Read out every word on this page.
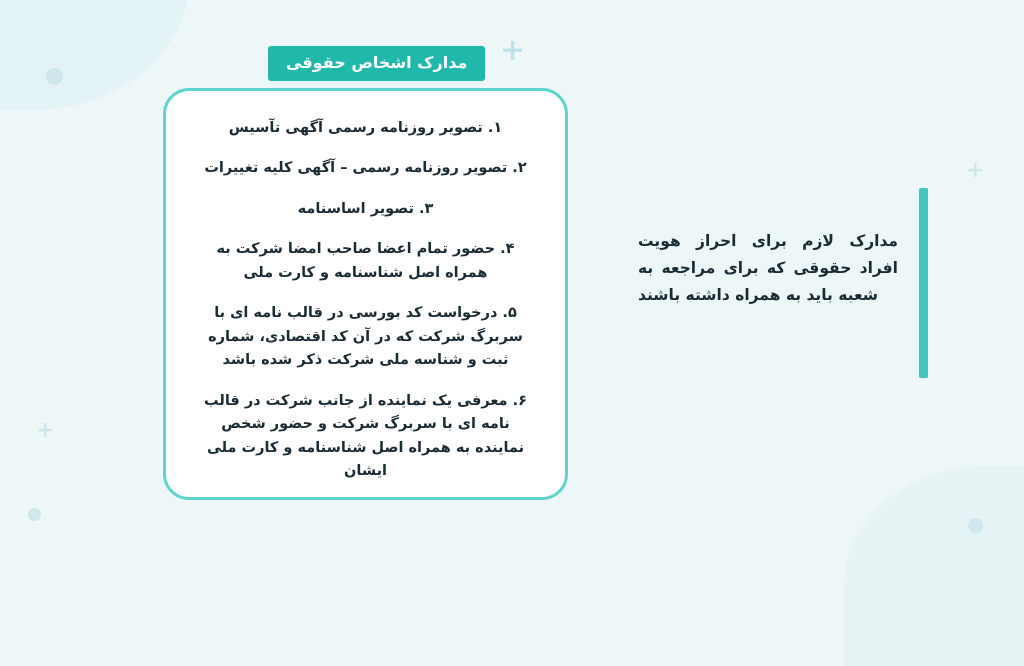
+
+
+
مدارک اشخاص حقوقی
۱. تصویر روزنامه رسمی آگهی تآسیس
۲. تصویر روزنامه رسمی – آگهی کلیه تغییرات
۳. تصویر اساسنامه
۴. حضور تمام اعضا صاحب امضا شرکت به همراه اصل شناسنامه و کارت ملی
۵. درخواست کد بورسی در قالب نامه ای با سربرگ شرکت که در آن کد اقتصادی، شماره ثبت و شناسه ملی شرکت ذکر شده باشد
۶. معرفی یک نماینده از جانب شرکت در قالب نامه ای با سربرگ شرکت و حضور شخص نماینده به همراه اصل شناسنامه و کارت ملی ایشان
مدارک لازم برای احراز هویت افراد حقوقی که برای مراجعه به شعبه باید به همراه داشته باشند
